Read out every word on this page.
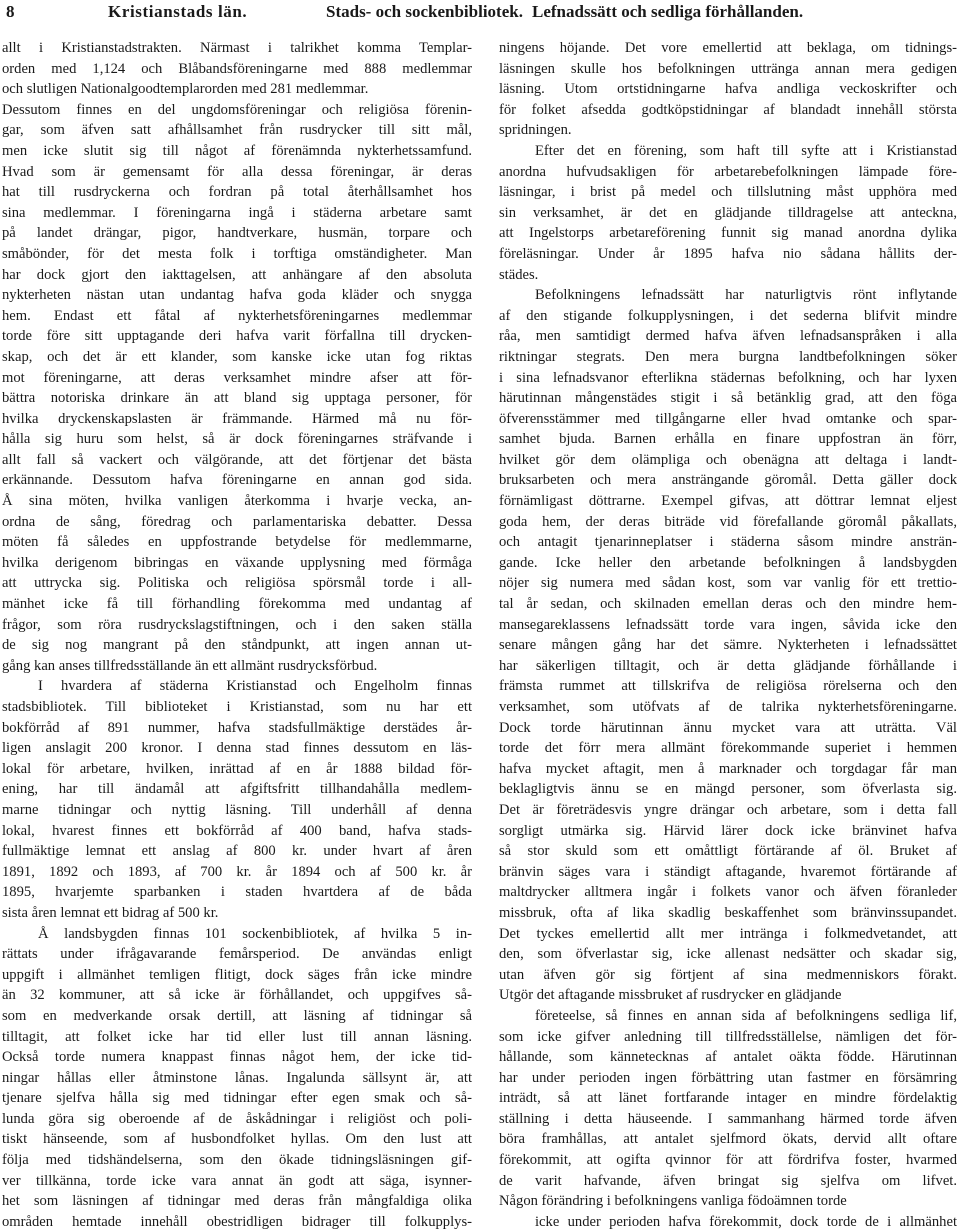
8	Kristianstads län.	Stads- och sockenbibliotek. Lefnadssätt och sedliga förhållanden.
allt i Kristianstadstrakten. Närmast i talrikhet komma Templar-
orden med 1,124 och Blåbandsföreningarne med 888 medlemmar
och slutligen Nationalgoodtemplarorden med 281 medlemmar.
Dessutom finnes en del ungdomsföreningar och religiösa förenin-
gar, som äfven satt afhållsamhet från rusdrycker till sitt mål,
men icke slutit sig till något af förenämnda nykterhetssamfund.
Hvad som är gemensamt för alla dessa föreningar, är deras
hat till rusdryckerna och fordran på total återhållsamhet hos
sina medlemmar. I föreningarna ingå i städerna arbetare samt
på landet drängar, pigor, handtverkare, husmän, torpare och
småbönder, för det mesta folk i torftiga omständigheter. Man
har dock gjort den iakttagelsen, att anhängare af den absoluta
nykterheten nästan utan undantag hafva goda kläder och snygga
hem. Endast ett fåtal af nykterhetsföreningarnes medlemmar
torde före sitt upptagande deri hafva varit förfallna till drycken-
skap, och det är ett klander, som kanske icke utan fog riktas
mot föreningarne, att deras verksamhet mindre afser att för-
bättra notoriska drinkare än att bland sig upptaga personer, för
hvilka dryckenskapslasten är främmande. Härmed må nu för-
hålla sig huru som helst, så är dock föreningarnes sträfvande i
allt fall så vackert och välgörande, att det förtjenar det bästa
erkännande. Dessutom hafva föreningarne en annan god sida.
Å sina möten, hvilka vanligen återkomma i hvarje vecka, an-
ordna de sång, föredrag och parlamentariska debatter. Dessa
möten få således en uppfostrande betydelse för medlemmarne,
hvilka derigenom bibringas en växande upplysning med förmåga
att uttrycka sig. Politiska och religiösa spörsmål torde i all-
mänhet icke få till förhandling förekomma med undantag af
frågor, som röra rusdryckslagstiftningen, och i den saken ställa
de sig nog mangrant på den ståndpunkt, att ingen annan ut-
gång kan anses tillfredsställande än ett allmänt rusdrycksförbud.
I hvardera af städerna Kristianstad och Engelholm finnas
stadsbibliotek. Till biblioteket i Kristianstad, som nu har ett
bokförråd af 891 nummer, hafva stadsfullmäktige derstädes år-
ligen anslagit 200 kronor. I denna stad finnes dessutom en läs-
lokal för arbetare, hvilken, inrättad af en år 1888 bildad för-
ening, har till ändamål att afgiftsfritt tillhandahålla medlem-
marne tidningar och nyttig läsning. Till underhåll af denna
lokal, hvarest finnes ett bokförråd af 400 band, hafva stads-
fullmäktige lemnat ett anslag af 800 kr. under hvart af åren
1891, 1892 och 1893, af 700 kr. år 1894 och af 500 kr. år
1895, hvarjemte sparbanken i staden hvartdera af de båda
sista åren lemnat ett bidrag af 500 kr.
Å landsbygden finnas 101 sockenbibliotek, af hvilka 5 in-
rättats under ifrågavarande femårsperiod. De användas enligt
uppgift i allmänhet temligen flitigt, dock säges från icke mindre
än 32 kommuner, att så icke är förhållandet, och uppgifves så-
som en medverkande orsak dertill, att läsning af tidningar så
tilltagit, att folket icke har tid eller lust till annan läsning.
Också torde numera knappast finnas något hem, der icke tid-
ningar hållas eller åtminstone lånas. Ingalunda sällsynt är, att
tjenare sjelfva hålla sig med tidningar efter egen smak och så-
lunda göra sig oberoende af de åskådningar i religiöst och poli-
tiskt hänseende, som af husbondfolket hyllas. Om den lust att
följa med tidshändelserna, som den ökade tidningsläsningen gif-
ver tillkänna, torde icke vara annat än godt att säga, isynner-
het som läsningen af tidningar med deras från mångfaldiga olika
områden hemtade innehåll obestridligen bidrager till folkupplys-
ningens höjande. Det vore emellertid att beklaga, om tidnings-
läsningen skulle hos befolkningen uttränga annan mera gedigen
läsning. Utom ortstidningarne hafva andliga veckoskrifter och
för folket afsedda godtköpstidningar af blandadt innehåll största
spridningen.
Efter det en förening, som haft till syfte att i Kristianstad
anordna hufvudsakligen för arbetarebefolkningen lämpade före-
läsningar, i brist på medel och tillslutning måst upphöra med
sin verksamhet, är det en glädjande tilldragelse att anteckna,
att Ingelstorps arbetareförening funnit sig manad anordna dylika
föreläsningar. Under år 1895 hafva nio sådana hållits der-
städes.
Befolkningens lefnadssätt har naturligtvis rönt inflytande
af den stigande folkupplysningen, i det sederna blifvit mindre
råa, men samtidigt dermed hafva äfven lefnadsanspråken i alla
riktningar stegrats. Den mera burgna landtbefolkningen söker
i sina lefnadsvanor efterlikna städernas befolkning, och har lyxen
härutinnan mångenstädes stigit i så betänklig grad, att den föga
öfverensstämmer med tillgångarne eller hvad omtanke och spar-
samhet bjuda. Barnen erhålla en finare uppfostran än förr,
hvilket gör dem olämpliga och obenägna att deltaga i landt-
bruksarbeten och mera ansträngande göromål. Detta gäller dock
förnämligast döttrarne. Exempel gifvas, att döttrar lemnat eljest
goda hem, der deras biträde vid förefallande göromål påkallats,
och antagit tjenarinneplatser i städerna såsom mindre ansträn-
gande. Icke heller den arbetande befolkningen å landsbygden
nöjer sig numera med sådan kost, som var vanlig för ett trettio-
tal år sedan, och skilnaden emellan deras och den mindre hem-
mansegareklassens lefnadssätt torde vara ingen, såvida icke den
senare mången gång har det sämre. Nykterheten i lefnadssättet
har säkerligen tilltagit, och är detta glädjande förhållande i
främsta rummet att tillskrifva de religiösa rörelserna och den
verksamhet, som utöfvats af de talrika nykterhetsföreningarne.
Dock torde härutinnan ännu mycket vara att uträtta. Väl
torde det förr mera allmänt förekommande superiet i hemmen
hafva mycket aftagit, men å marknader och torgdagar får man
beklagligtvis ännu se en mängd personer, som öfverlasta sig.
Det är företrädesvis yngre drängar och arbetare, som i detta fall
sorgligt utmärka sig. Härvid lärer dock icke bränvinet hafva
så stor skuld som ett omåttligt förtärande af öl. Bruket af
bränvin säges vara i ständigt aftagande, hvaremot förtärande af
maltdrycker alltmera ingår i folkets vanor och äfven föranleder
missbruk, ofta af lika skadlig beskaffenhet som bränvinssupandet.
Det tyckes emellertid allt mer inträngа i folkmedvetandet, att
den, som öfverlastar sig, icke allenast nedsätter och skadar sig,
utan äfven gör sig förtjent af sina medmenniskors förakt.
Utgör det aftagande missbruket af rusdrycker en glädjande
företeelse, så finnes en annan sida af befolkningens sedliga lif,
som icke gifver anledning till tillfredsställelse, nämligen det för-
hållande, som kännetecknas af antalet oäkta födde. Härutinnan
har under perioden ingen förbättring utan fastmer en försämring
inträdt, så att länet fortfarande intager en mindre fördelaktig
ställning i detta häuseende. I sammanhang härmed torde äfven
böra framhållas, att antalet sjelfmord ökats, dervid allt oftare
förekommit, att ogifta qvinnor för att fördrifva foster, hvarmed
de varit hafvande, äfven bringat sig sjelfva om lifvet.
Någon förändring i befolkningens vanliga födoämnen torde
icke under perioden hafva förekommit, dock torde de i allmänhet
